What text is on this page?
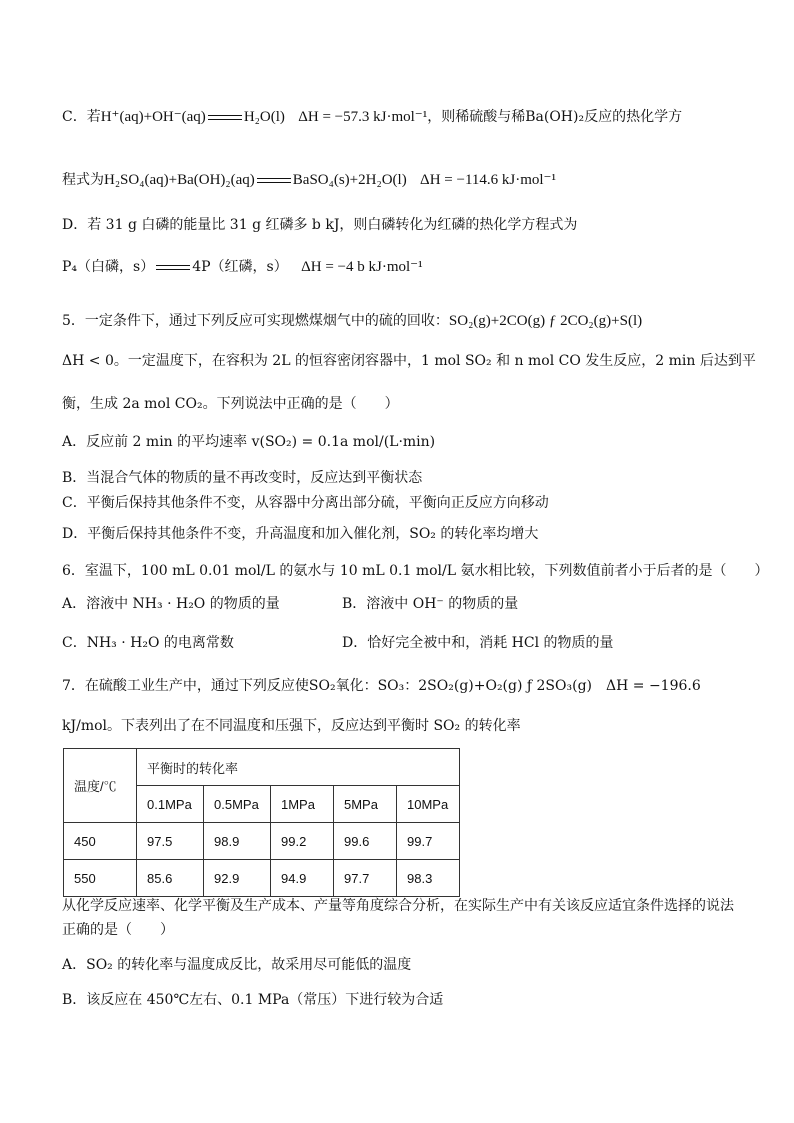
C．若H⁺(aq)+OH⁻(aq)	H₂O(l) ΔH = −57.3 kJ·mol⁻¹，则稀硫酸与稀Ba(OH)₂反应的热化学方
程式为H₂SO₄(aq)+Ba(OH)₂(aq)	BaSO₄(s)+2H₂O(l) ΔH = −114.6 kJ·mol⁻¹
D．若 31 g 白磷的能量比 31 g 红磷多 b kJ，则白磷转化为红磷的热化学方程式为
P₄（白磷，s）	4P（红磷，s） ΔH = −4 b kJ·mol⁻¹
5．一定条件下，通过下列反应可实现燃煤烟气中的硫的回收：SO₂(g)+2CO(g) ƒ 2CO₂(g)+S(l)
ΔH < 0。一定温度下，在容积为 2L 的恒容密闭容器中，1 mol SO₂ 和 n mol CO 发生反应，2 min 后达到平
衡，生成 2a mol CO₂。下列说法中正确的是（　　）
A．反应前 2 min 的平均速率 v(SO₂) = 0.1a mol/(L·min)
B．当混合气体的物质的量不再改变时，反应达到平衡状态
C．平衡后保持其他条件不变，从容器中分离出部分硫，平衡向正反应方向移动
D．平衡后保持其他条件不变，升高温度和加入催化剂，SO₂ 的转化率均增大
6．室温下，100 mL 0.01 mol/L 的氨水与 10 mL 0.1 mol/L 氨水相比较，下列数值前者小于后者的是（　　）
A．溶液中 NH₃ · H₂O 的物质的量	B．溶液中 OH⁻ 的物质的量
C．NH₃ · H₂O 的电离常数	D．恰好完全被中和，消耗 HCl 的物质的量
7．在硫酸工业生产中，通过下列反应使SO₂氧化：SO₃：2SO₂(g)+O₂(g) ƒ 2SO₃(g)　ΔH = −196.6
kJ/mol。下表列出了在不同温度和压强下，反应达到平衡时 SO₂ 的转化率
温度/℃	平衡时的转化率				
	0.1MPa	0.5MPa	1MPa	5MPa	10MPa
450	97.5	98.9	99.2	99.6	99.7
550	85.6	92.9	94.9	97.7	98.3
从化学反应速率、化学平衡及生产成本、产量等角度综合分析，在实际生产中有关该反应适宜条件选择的说法
正确的是（　　）
A．SO₂ 的转化率与温度成反比，故采用尽可能低的温度
B．该反应在 450℃左右、0.1 MPa（常压）下进行较为合适
